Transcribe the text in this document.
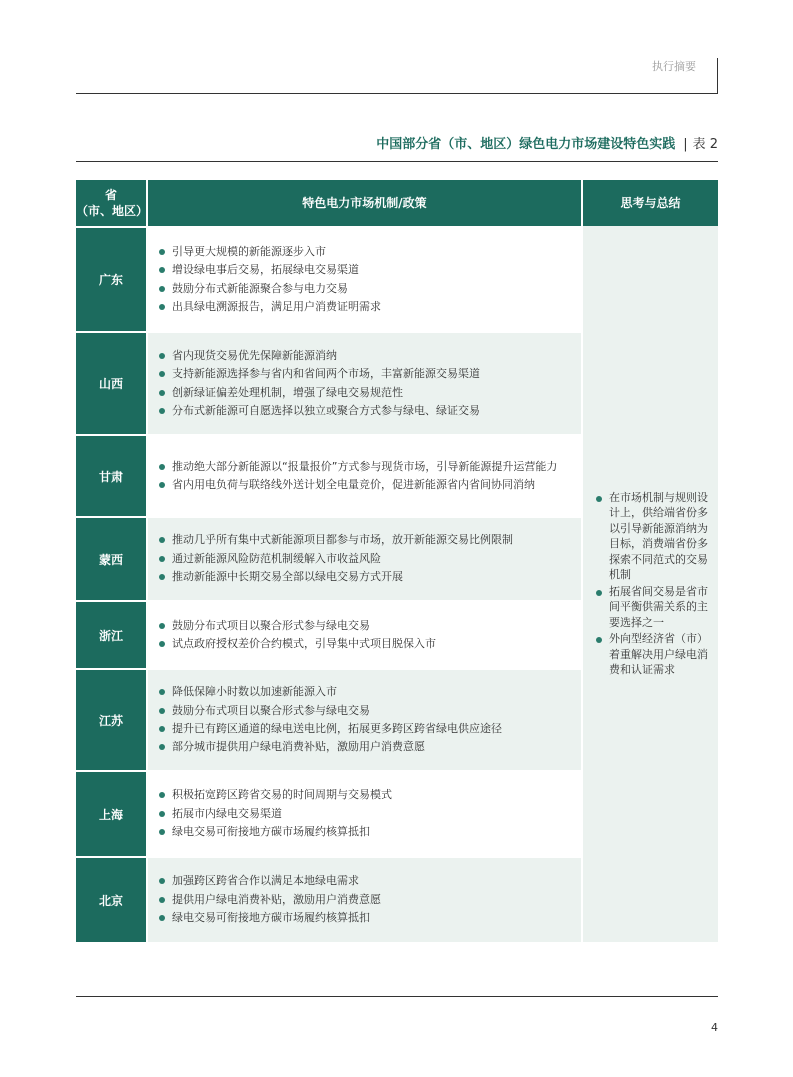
执行摘要
中国部分省（市、地区）绿色电力市场建设特色实践 | 表 2
省
（市、地区）
特色电力市场机制/政策	思考与总结
广东
引导更大规模的新能源逐步入市
增设绿电事后交易，拓展绿电交易渠道
鼓励分布式新能源聚合参与电力交易
出具绿电溯源报告，满足用户消费证明需求
山西
省内现货交易优先保障新能源消纳
支持新能源选择参与省内和省间两个市场，丰富新能源交易渠道
创新绿证偏差处理机制，增强了绿电交易规范性
分布式新能源可自愿选择以独立或聚合方式参与绿电、绿证交易
甘肃
推动绝大部分新能源以“报量报价”方式参与现货市场，引导新能源提升运营能力
省内用电负荷与联络线外送计划全电量竞价，促进新能源省内省间协同消纳
蒙西
推动几乎所有集中式新能源项目都参与市场，放开新能源交易比例限制
通过新能源风险防范机制缓解入市收益风险
推动新能源中长期交易全部以绿电交易方式开展
浙江
鼓励分布式项目以聚合形式参与绿电交易
试点政府授权差价合约模式，引导集中式项目脱保入市
江苏
降低保障小时数以加速新能源入市
鼓励分布式项目以聚合形式参与绿电交易
提升已有跨区通道的绿电送电比例，拓展更多跨区跨省绿电供应途径
部分城市提供用户绿电消费补贴，激励用户消费意愿
上海
积极拓宽跨区跨省交易的时间周期与交易模式
拓展市内绿电交易渠道
绿电交易可衔接地方碳市场履约核算抵扣
北京
加强跨区跨省合作以满足本地绿电需求
提供用户绿电消费补贴，激励用户消费意愿
绿电交易可衔接地方碳市场履约核算抵扣
在市场机制与规则设计上，供给端省份多以引导新能源消纳为目标，消费端省份多探索不同范式的交易机制
拓展省间交易是省市间平衡供需关系的主要选择之一
外向型经济省（市）着重解决用户绿电消费和认证需求
4
